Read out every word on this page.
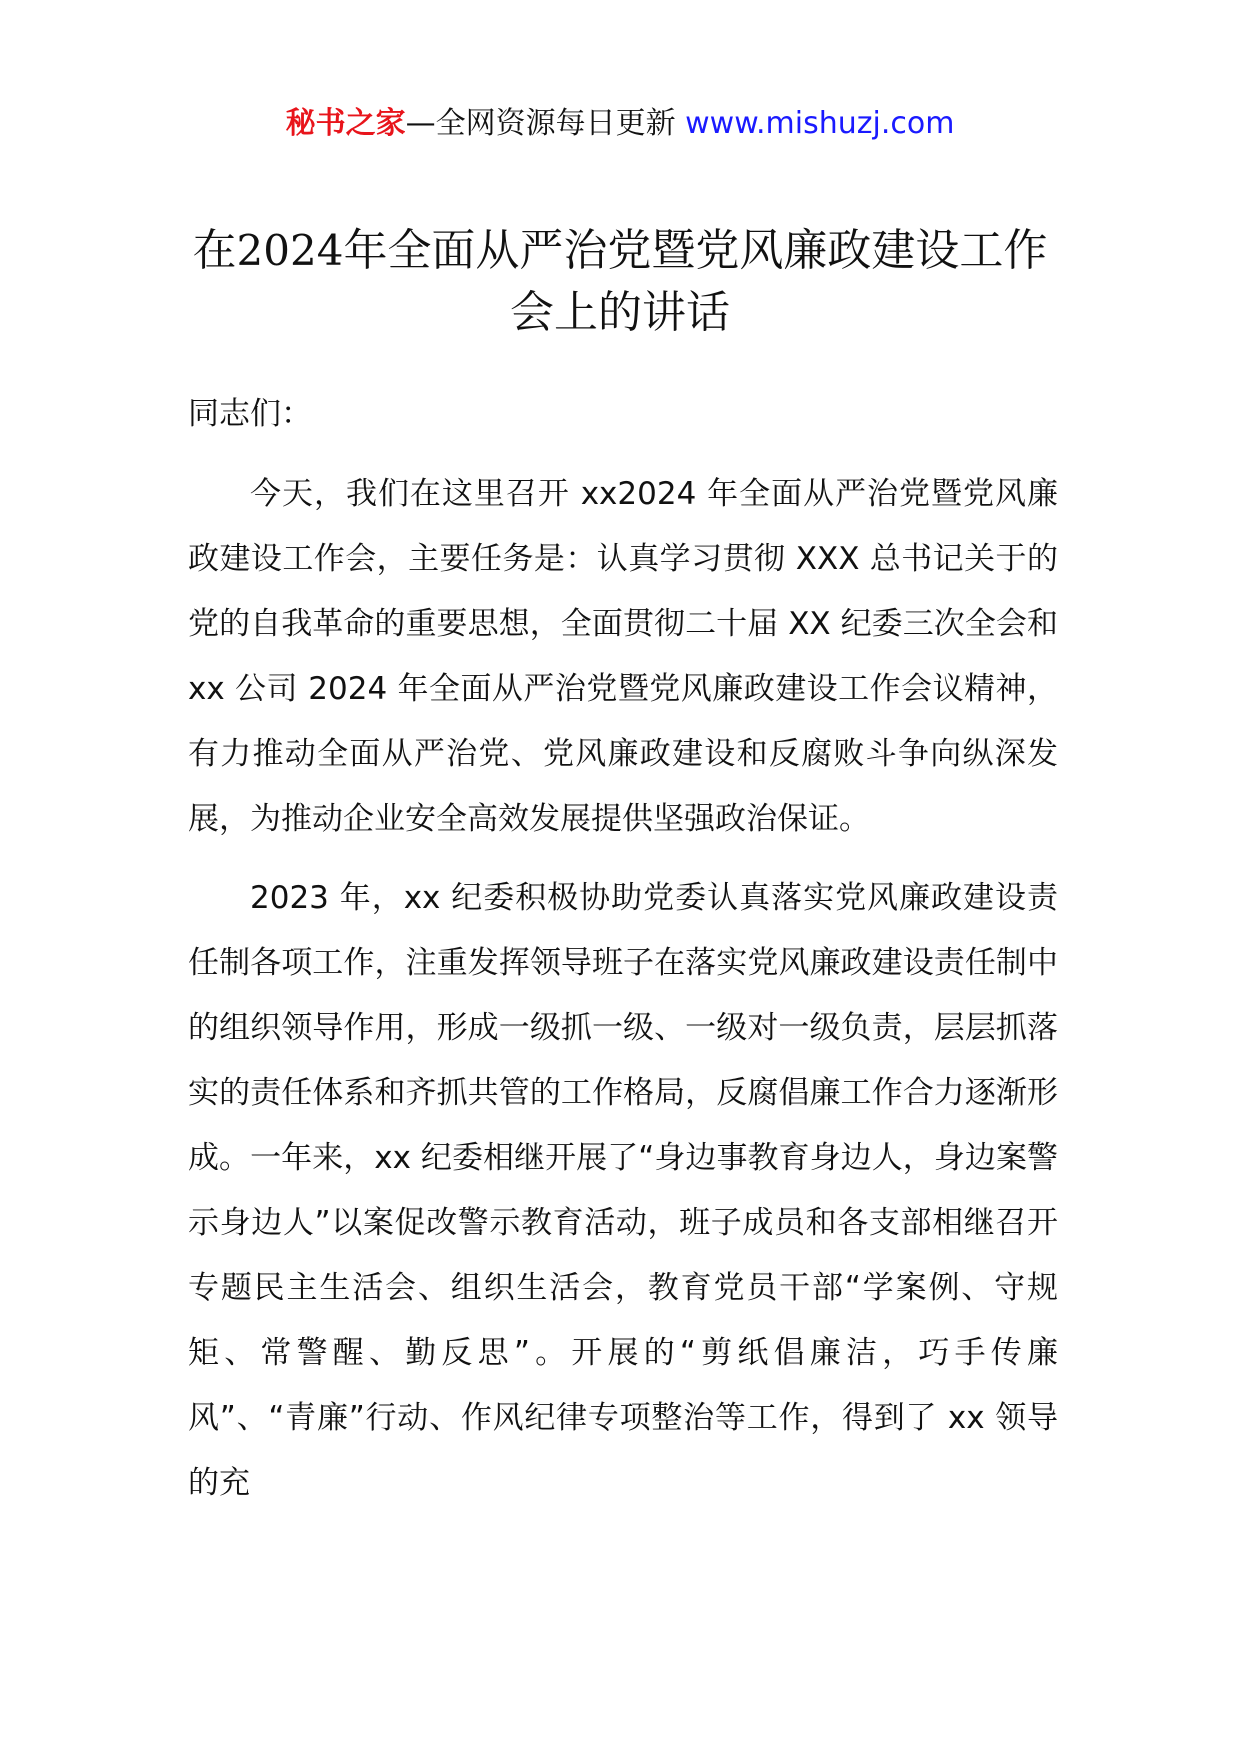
秘书之家—全网资源每日更新 www.mishuzj.com
在2024年全面从严治党暨党风廉政建设工作会上的讲话

同志们：

今天，我们在这里召开 xx2024 年全面从严治党暨党风廉政建设工作会，主要任务是：认真学习贯彻 XXX 总书记关于的党的自我革命的重要思想，全面贯彻二十届 XX 纪委三次全会和 xx 公司 2024 年全面从严治党暨党风廉政建设工作会议精神，有力推动全面从严治党、党风廉政建设和反腐败斗争向纵深发展，为推动企业安全高效发展提供坚强政治保证。

2023 年，xx 纪委积极协助党委认真落实党风廉政建设责任制各项工作，注重发挥领导班子在落实党风廉政建设责任制中的组织领导作用，形成一级抓一级、一级对一级负责，层层抓落实的责任体系和齐抓共管的工作格局，反腐倡廉工作合力逐渐形成。一年来，xx 纪委相继开展了“身边事教育身边人，身边案警示身边人”以案促改警示教育活动，班子成员和各支部相继召开专题民主生活会、组织生活会，教育党员干部“学案例、守规矩、常警醒、勤反思”。开展的“剪纸倡廉洁，巧手传廉风”、“青廉”行动、作风纪律专项整治等工作，得到了 xx 领导的充
